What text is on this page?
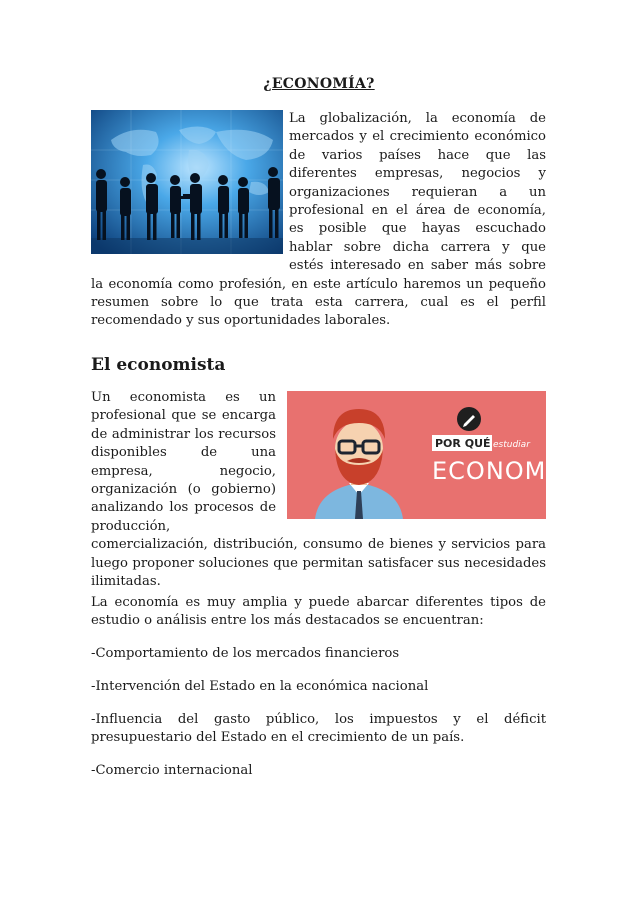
¿ECONOMÍA?

La globalización, la economía de mercados y el crecimiento económico de varios países hace que las diferentes empresas, negocios y organizaciones requieran a un profesional en el área de economía, es posible que hayas escuchado hablar sobre dicha carrera y que estés interesado en saber más sobre la economía como profesión, en este artículo haremos un pequeño resumen sobre lo que trata esta carrera, cual es el perfil recomendado y sus oportunidades laborales.

El economista
POR QUÉ estudiar
ECONOMÍA

Un economista es un profesional que se encarga de administrar los recursos disponibles de una empresa, negocio, organización (o gobierno) analizando los procesos de producción, comercialización, distribución, consumo de bienes y servicios para luego proponer soluciones que permitan satisfacer sus necesidades ilimitadas.

La economía es muy amplia y puede abarcar diferentes tipos de estudio o análisis entre los más destacados se encuentran:

-Comportamiento de los mercados financieros

-Intervención del Estado en la económica nacional

-Influencia del gasto público, los impuestos y el déficit presupuestario del Estado en el crecimiento de un país.

-Comercio internacional
